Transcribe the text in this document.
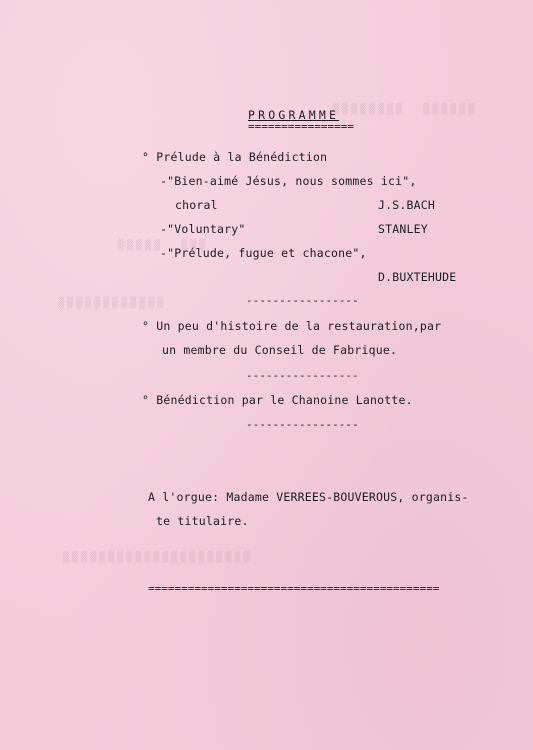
▒▒▒▒▒▒  ▒▒▒▒▒▒▒▒
▒▒▒  ▒▒▒▒▒
▒▒▒▒▒▒▒▒▒▒▒▒
▒▒▒▒▒▒▒▒▒▒▒▒▒▒▒▒▒▒▒▒▒
PROGRAMME
================
° Prélude à la Bénédiction
-"Bien-aimé Jésus, nous sommes ici",
choral	J.S.BACH
-"Voluntary"	STANLEY
-"Prélude, fugue et chacone",
D.BUXTEHUDE
-----------------
° Un peu d'histoire de la restauration,par
un membre du Conseil de Fabrique.
-----------------
° Bénédiction par le Chanoine Lanotte.
-----------------
A l'orgue: Madame VERREES-BOUVEROUS, organis-
te titulaire.
============================================
